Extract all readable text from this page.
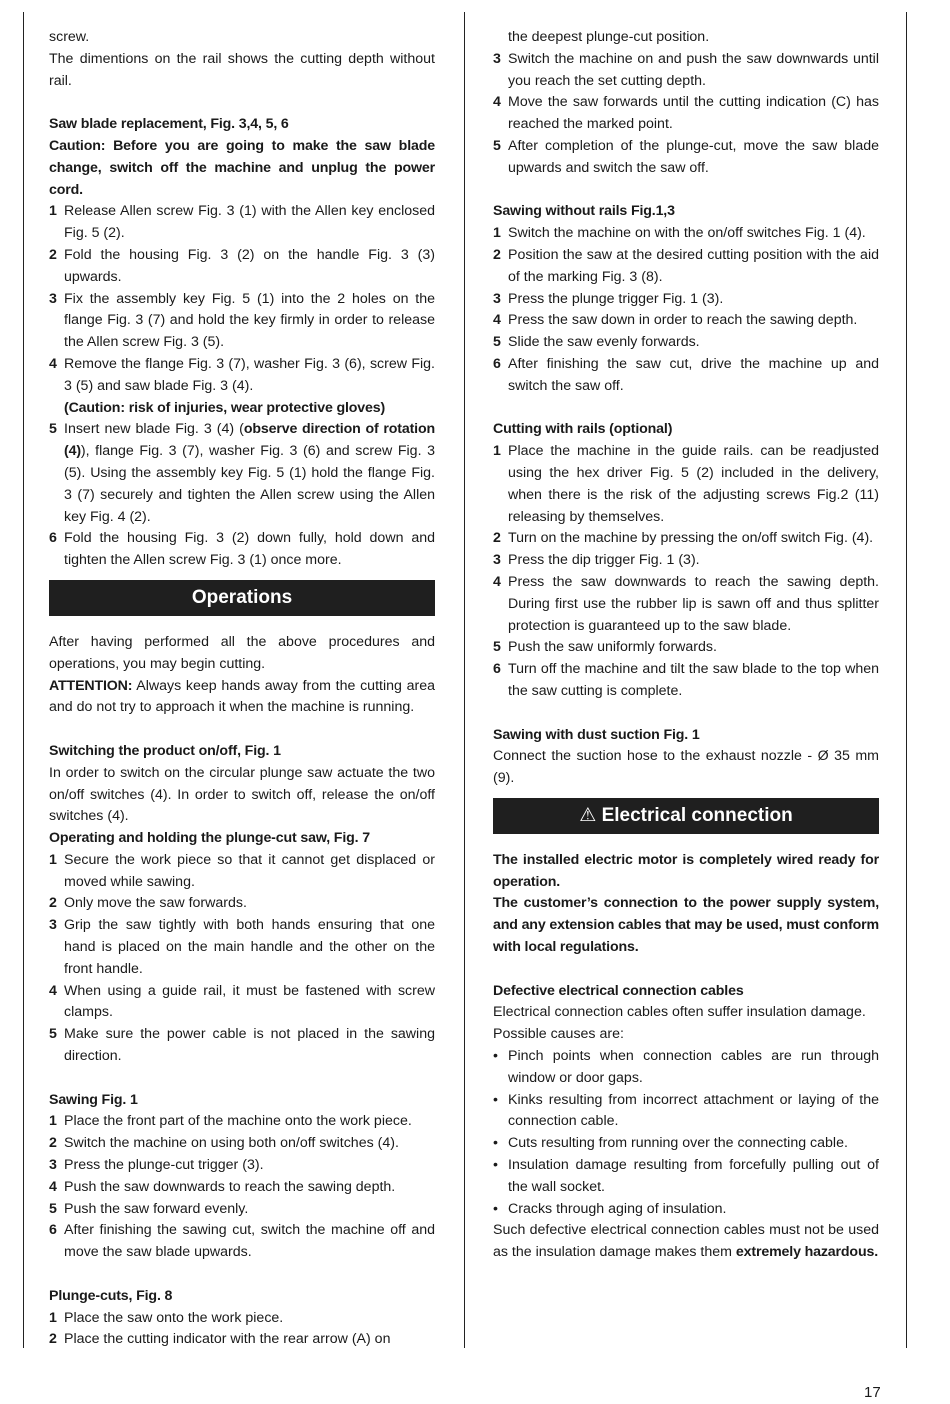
screw.

The dimentions on the rail shows the cutting depth without rail.

Saw blade replacement, Fig. 3,4, 5, 6

Caution: Before you are going to make the saw blade change, switch off the machine and unplug the power cord.

1 Release Allen screw Fig. 3 (1) with the Allen key enclosed Fig. 5 (2).
2 Fold the housing Fig. 3 (2) on the handle Fig. 3 (3) upwards.
3 Fix the assembly key Fig. 5 (1) into the 2 holes on the flange Fig. 3 (7) and hold the key firmly in order to release the Allen screw Fig. 3 (5).
4 Remove the flange Fig. 3 (7), washer Fig. 3 (6), screw Fig. 3 (5) and saw blade Fig. 3 (4).
(Caution: risk of injuries, wear protective gloves)
5 Insert new blade Fig. 3 (4) (observe direction of rotation (4)), flange Fig. 3 (7), washer Fig. 3 (6) and screw Fig. 3 (5). Using the assembly key Fig. 5 (1) hold the flange Fig. 3 (7) securely and tighten the Allen screw using the Allen key Fig. 4 (2).
6 Fold the housing Fig. 3 (2) down fully, hold down and tighten the Allen screw Fig. 3 (1) once more.
Operations

After having performed all the above procedures and operations, you may begin cutting.

ATTENTION: Always keep hands away from the cutting area and do not try to approach it when the machine is running.

Switching the product on/off, Fig. 1

In order to switch on the circular plunge saw actuate the two on/off switches (4). In order to switch off, release the on/off switches (4).

Operating and holding the plunge-cut saw, Fig. 7

1 Secure the work piece so that it cannot get displaced or moved while sawing.
2 Only move the saw forwards.
3 Grip the saw tightly with both hands ensuring that one hand is placed on the main handle and the other on the front handle.
4 When using a guide rail, it must be fastened with screw clamps.
5 Make sure the power cable is not placed in the sawing direction.

Sawing Fig. 1

1 Place the front part of the machine onto the work piece.
2 Switch the machine on using both on/off switches (4).
3 Press the plunge-cut trigger (3).
4 Push the saw downwards to reach the sawing depth.
5 Push the saw forward evenly.
6 After finishing the sawing cut, switch the machine off and move the saw blade upwards.

Plunge-cuts, Fig. 8

1 Place the saw onto the work piece.
2 Place the cutting indicator with the rear arrow (A) on
the deepest plunge-cut position.
3 Switch the machine on and push the saw downwards until you reach the set cutting depth.
4 Move the saw forwards until the cutting indication (C) has reached the marked point.
5 After completion of the plunge-cut, move the saw blade upwards and switch the saw off.

Sawing without rails Fig.1,3

1 Switch the machine on with the on/off switches Fig. 1 (4).
2 Position the saw at the desired cutting position with the aid of the marking Fig. 3 (8).
3 Press the plunge trigger Fig. 1 (3).
4 Press the saw down in order to reach the sawing depth.
5 Slide the saw evenly forwards.
6 After finishing the saw cut, drive the machine up and switch the saw off.

Cutting with rails (optional)

1 Place the machine in the guide rails. can be readjusted using the hex driver Fig. 5 (2) included in the delivery, when there is the risk of the adjusting screws Fig.2 (11) releasing by themselves.
2 Turn on the machine by pressing the on/off switch Fig. (4).
3 Press the dip trigger Fig. 1 (3).
4 Press the saw downwards to reach the sawing depth. During first use the rubber lip is sawn off and thus splitter protection is guaranteed up to the saw blade.
5 Push the saw uniformly forwards.
6 Turn off the machine and tilt the saw blade to the top when the saw cutting is complete.

Sawing with dust suction Fig. 1

Connect the suction hose to the exhaust nozzle - Ø 35 mm (9).

⚠ Electrical connection

The installed electric motor is completely wired ready for operation.

The customer’s connection to the power supply system, and any extension cables that may be used, must conform with local regulations.

Defective electrical connection cables

Electrical connection cables often suffer insulation damage.

Possible causes are:

• Pinch points when connection cables are run through window or door gaps.
• Kinks resulting from incorrect attachment or laying of the connection cable.
• Cuts resulting from running over the connecting cable.
• Insulation damage resulting from forcefully pulling out of the wall socket.
• Cracks through aging of insulation.

Such defective electrical connection cables must not be used as the insulation damage makes them extremely hazardous.

17
